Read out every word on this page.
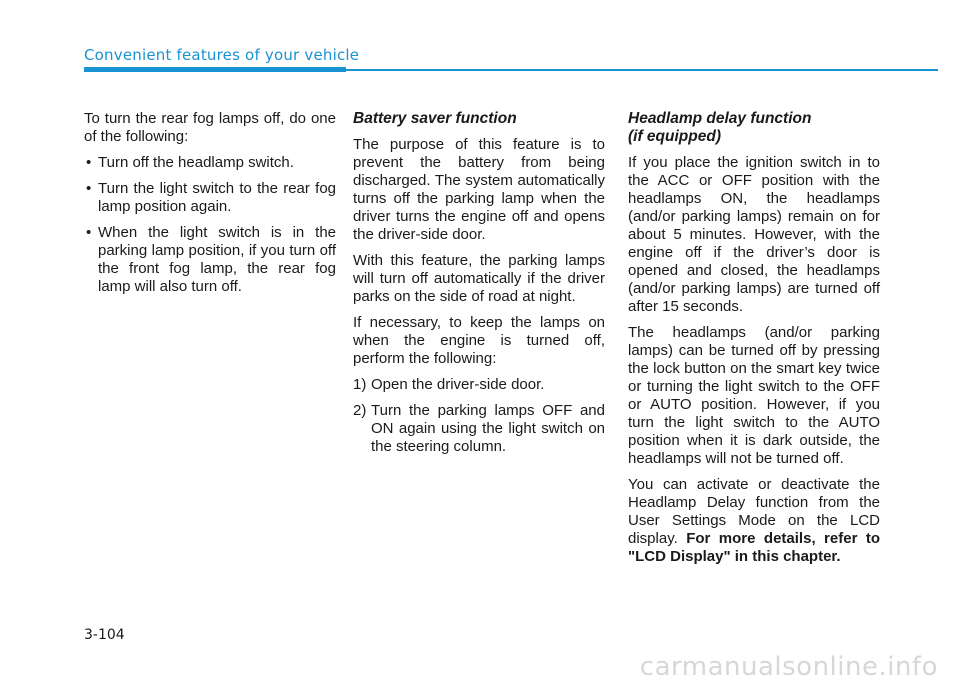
Convenient features of your vehicle

To turn the rear fog lamps off, do one of the following:

• Turn off the headlamp switch.
• Turn the light switch to the rear fog lamp position again.
• When the light switch is in the parking lamp position, if you turn off the front fog lamp, the rear fog lamp will also turn off.
Battery saver function

The purpose of this feature is to prevent the battery from being discharged. The system automatically turns off the parking lamp when the driver turns the engine off and opens the driver-side door.

With this feature, the parking lamps will turn off automatically if the driver parks on the side of road at night.

If necessary, to keep the lamps on when the engine is turned off, perform the following:

1) Open the driver-side door.
2) Turn the parking lamps OFF and ON again using the light switch on the steering column.
Headlamp delay function
(if equipped)

If you place the ignition switch in to the ACC or OFF position with the headlamps ON, the headlamps (and/or parking lamps) remain on for about 5 minutes. However, with the engine off if the driver’s door is opened and closed, the headlamps (and/or parking lamps) are turned off after 15 seconds.

The headlamps (and/or parking lamps) can be turned off by pressing the lock button on the smart key twice or turning the light switch to the OFF or AUTO position. However, if you turn the light switch to the AUTO position when it is dark outside, the headlamps will not be turned off.

You can activate or deactivate the Headlamp Delay function from the User Settings Mode on the LCD display. For more details, refer to "LCD Display" in this chapter.

3-104
carmanualsonline.info
